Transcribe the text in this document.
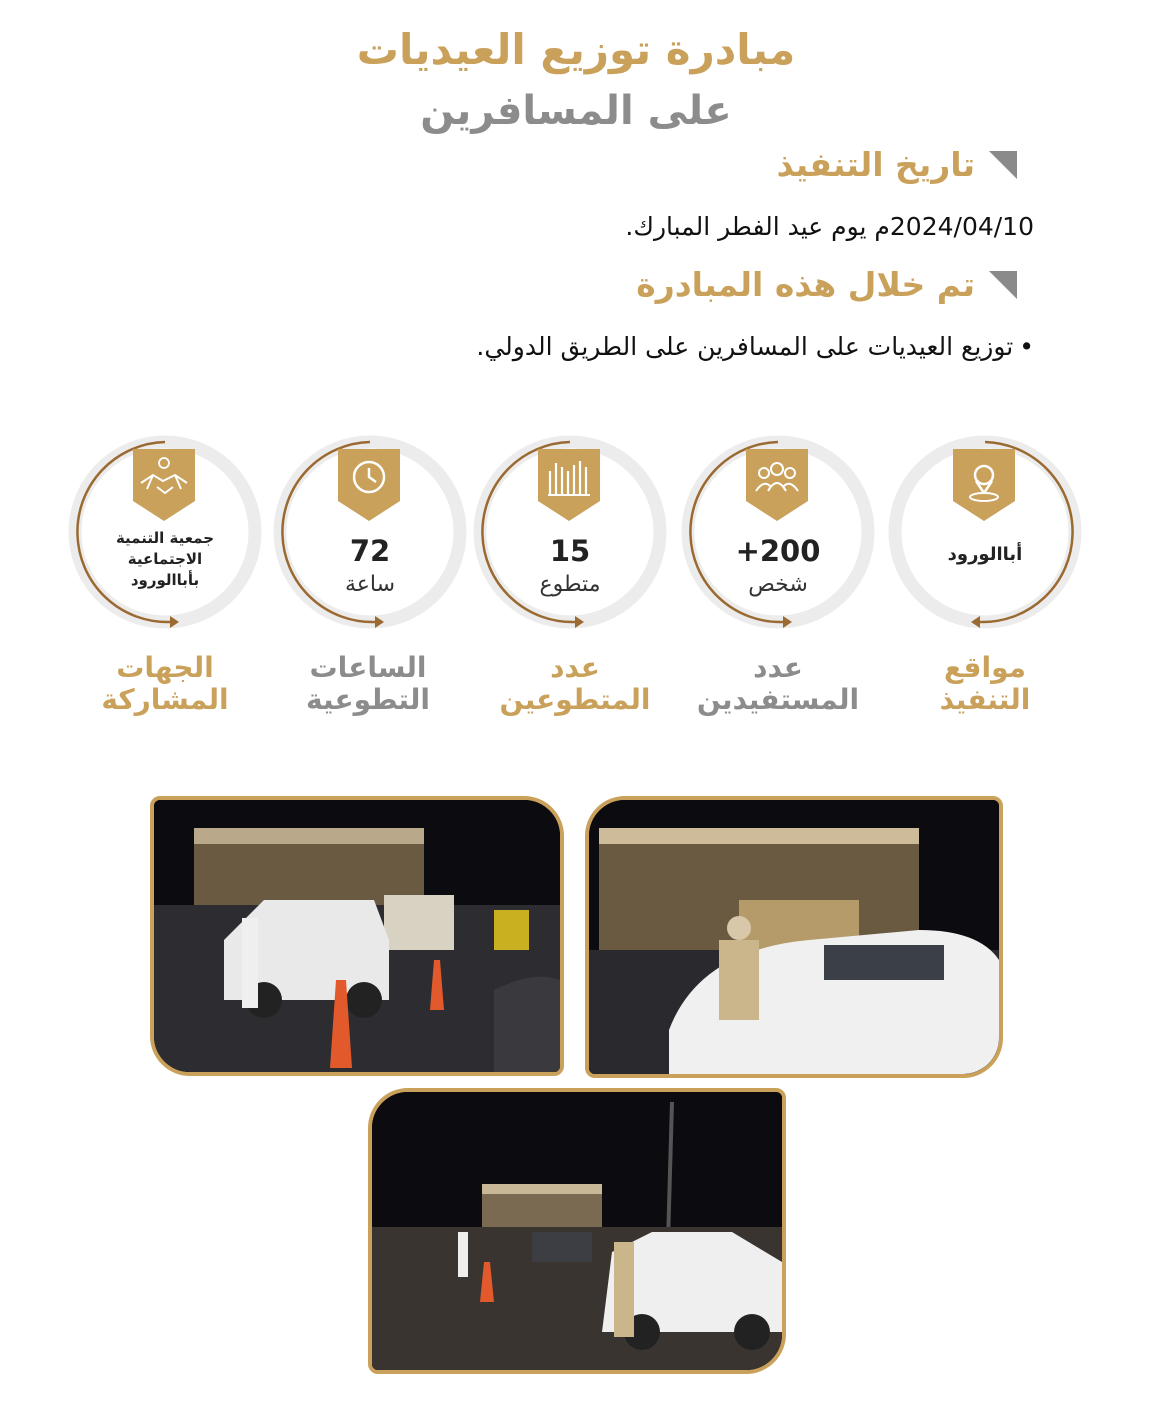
مبادرة توزيع العيديات
على المسافرين
تاريخ التنفيذ
2024/04/10م يوم عيد الفطر المبارك.
تم خلال هذه المبادرة
•توزيع العيديات على المسافرين على الطريق الدولي.
أباالورود
200+
شخص
15
متطوع
72
ساعة
جمعية التنمية
الاجتماعية
بأباالورود
مواقع
التنفيذ
عدد
المستفيدين
عدد
المتطوعين
الساعات
التطوعية
الجهات
المشاركة
